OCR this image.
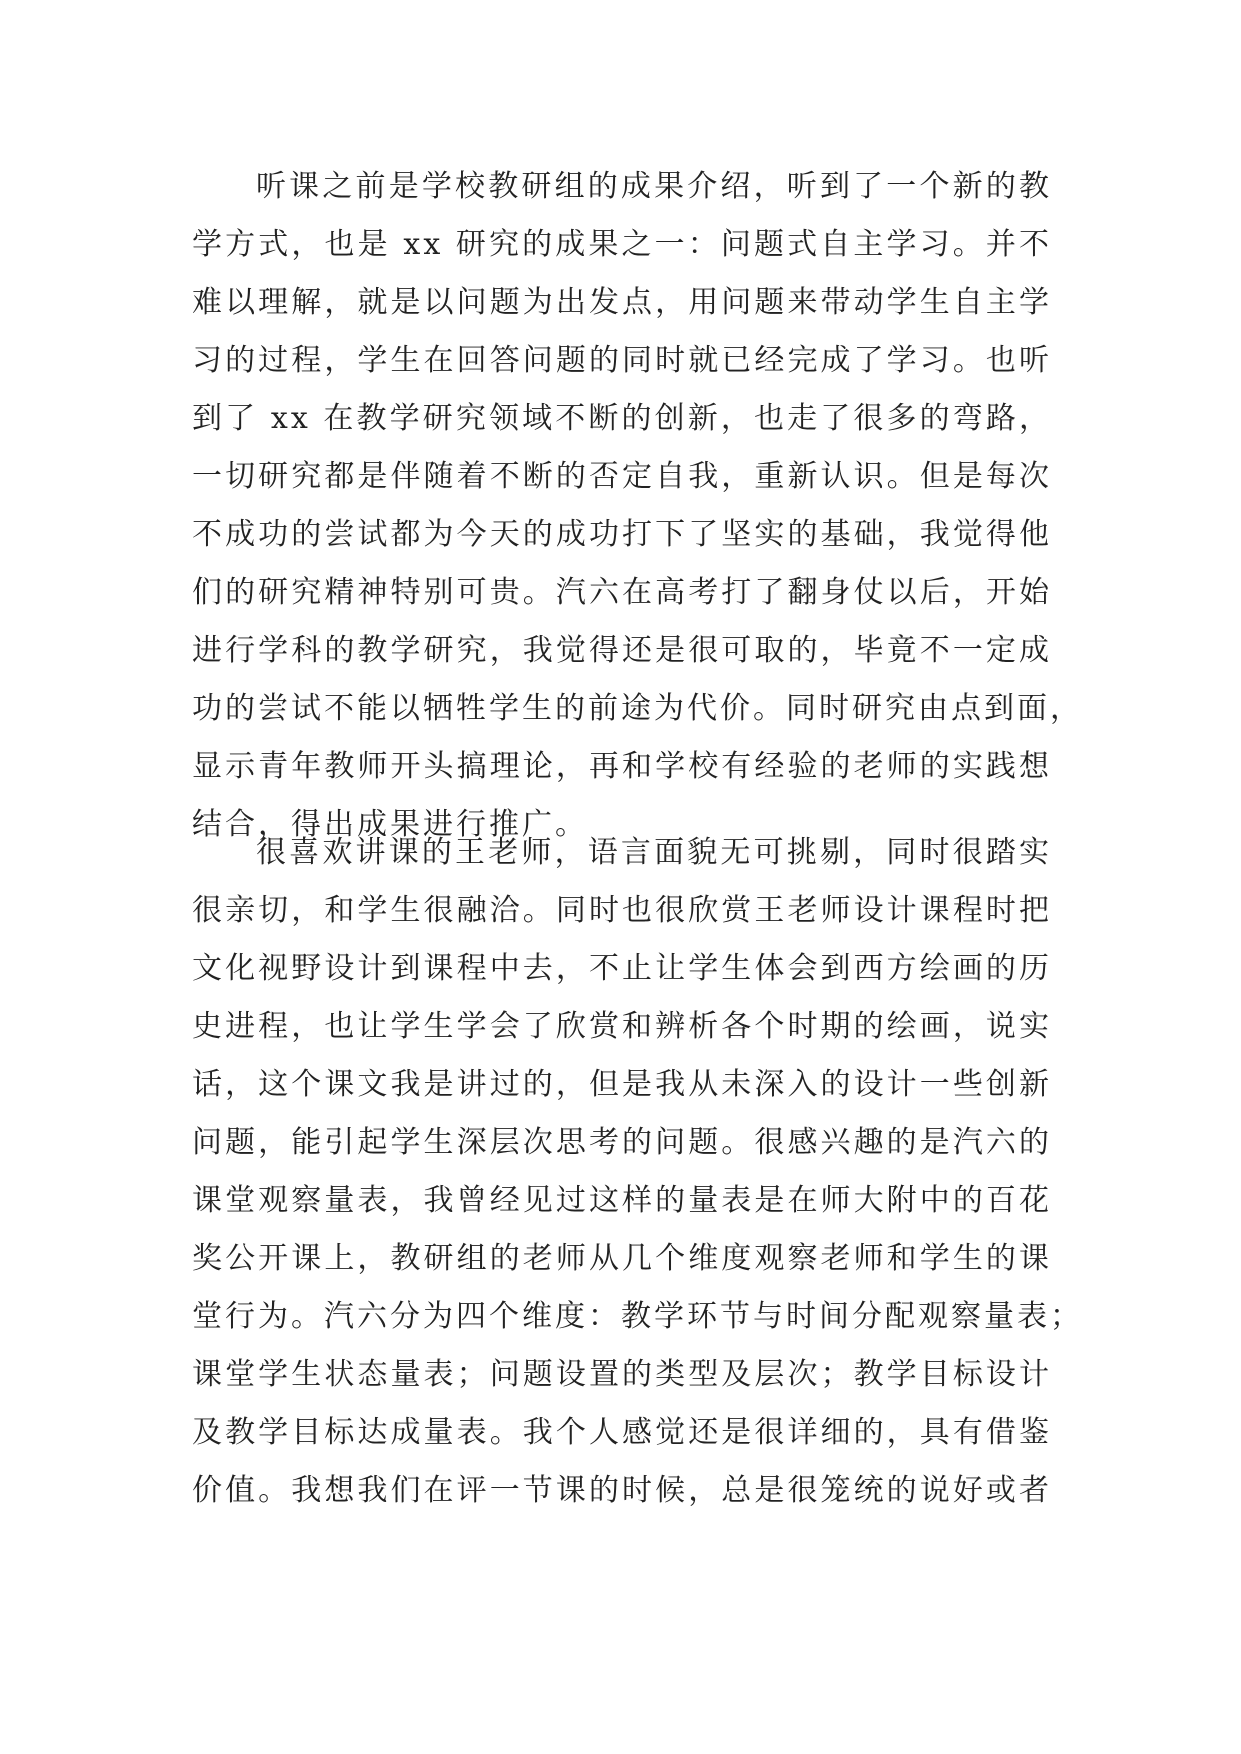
听课之前是学校教研组的成果介绍，听到了一个新的教
学方式，也是 xx 研究的成果之一：问题式自主学习。并不
难以理解，就是以问题为出发点，用问题来带动学生自主学
习的过程，学生在回答问题的同时就已经完成了学习。也听
到了 xx 在教学研究领域不断的创新，也走了很多的弯路，
一切研究都是伴随着不断的否定自我，重新认识。但是每次
不成功的尝试都为今天的成功打下了坚实的基础，我觉得他
们的研究精神特别可贵。汽六在高考打了翻身仗以后，开始
进行学科的教学研究，我觉得还是很可取的，毕竟不一定成
功的尝试不能以牺牲学生的前途为代价。同时研究由点到面，
显示青年教师开头搞理论，再和学校有经验的老师的实践想
结合，得出成果进行推广。
很喜欢讲课的王老师，语言面貌无可挑剔，同时很踏实
很亲切，和学生很融洽。同时也很欣赏王老师设计课程时把
文化视野设计到课程中去，不止让学生体会到西方绘画的历
史进程，也让学生学会了欣赏和辨析各个时期的绘画，说实
话，这个课文我是讲过的，但是我从未深入的设计一些创新
问题，能引起学生深层次思考的问题。很感兴趣的是汽六的
课堂观察量表，我曾经见过这样的量表是在师大附中的百花
奖公开课上，教研组的老师从几个维度观察老师和学生的课
堂行为。汽六分为四个维度：教学环节与时间分配观察量表；
课堂学生状态量表；问题设置的类型及层次；教学目标设计
及教学目标达成量表。我个人感觉还是很详细的，具有借鉴
价值。我想我们在评一节课的时候，总是很笼统的说好或者
